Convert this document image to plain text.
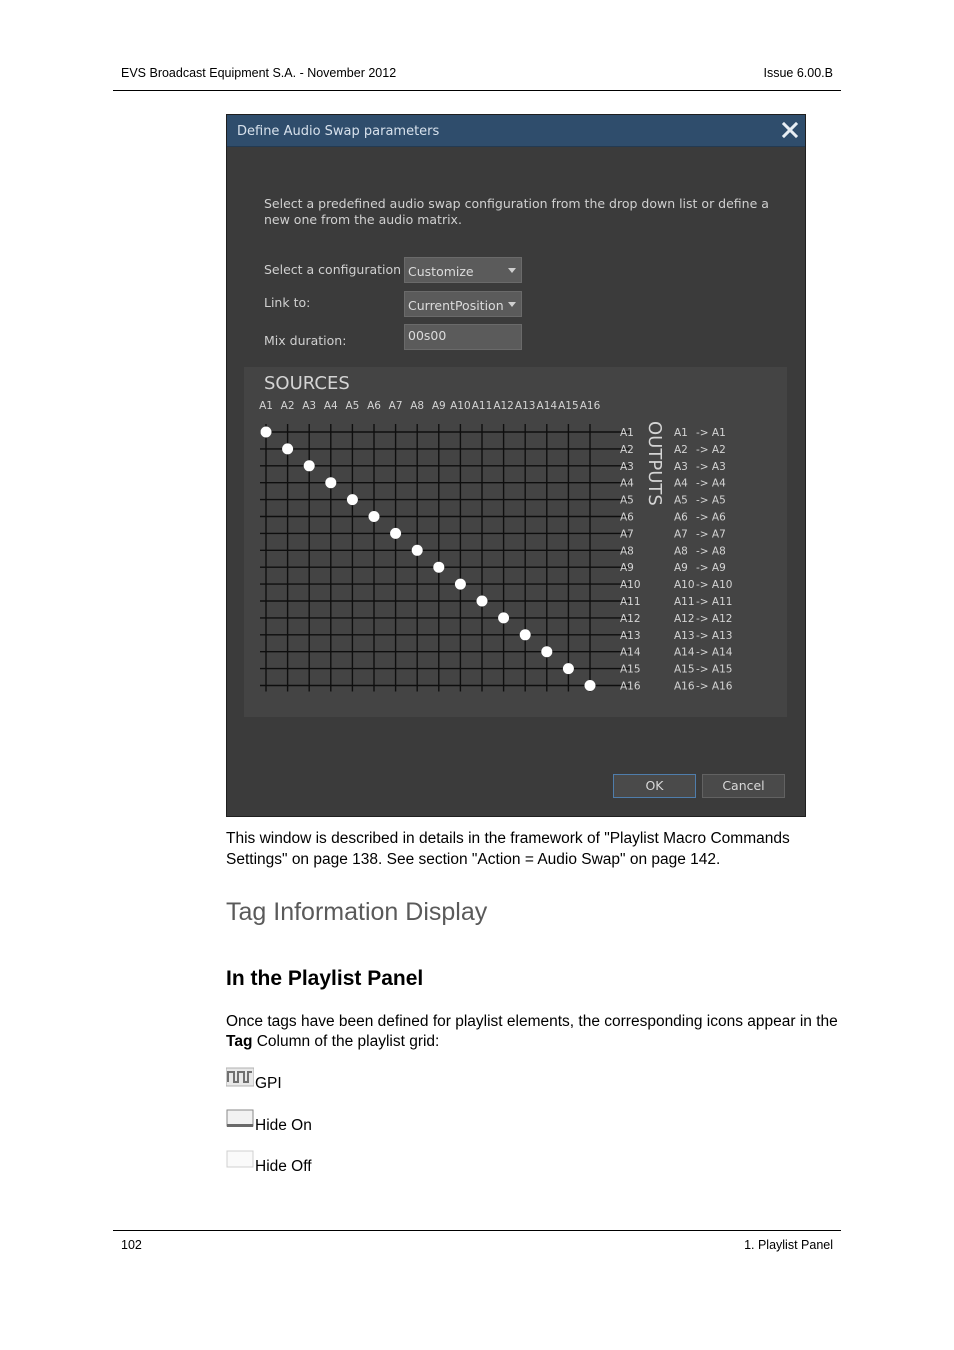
EVS Broadcast Equipment S.A. - November 2012	Issue 6.00.B
Define Audio Swap parameters
Select a predefined audio swap configuration from the drop down list or define a
new one from the audio matrix.
Select a configuration Customize
Link to:	CurrentPosition
Mix duration:	00s00
SOURCES
A1 A2 A3 A4 A5 A6 A7 A8 A9 A10 A11 A12 A13 A14 A15 A16
A1
A2
A3
A4
A5
A6
A7
A8
A9
A10
A11
A12
A13
A14
A15
A16
OUTPUTS A1 -> A1
A2 -> A2
A3 -> A3
A4 -> A4
A5 -> A5
A6 -> A6
A7 -> A7
A8 -> A8
A9 -> A9
A10 -> A10
A11 -> A11
A12 -> A12
A13 -> A13
A14 -> A14
A15 -> A15
A16 -> A16
OK	Cancel
This window is described in details in the framework of "Playlist Macro Commands
Settings" on page 138. See section "Action = Audio Swap" on page 142.
Tag Information Display
In the Playlist Panel
Once tags have been defined for playlist elements, the corresponding icons appear in the
Tag Column of the playlist grid:
GPI
Hide On
Hide Off
102	1. Playlist Panel
